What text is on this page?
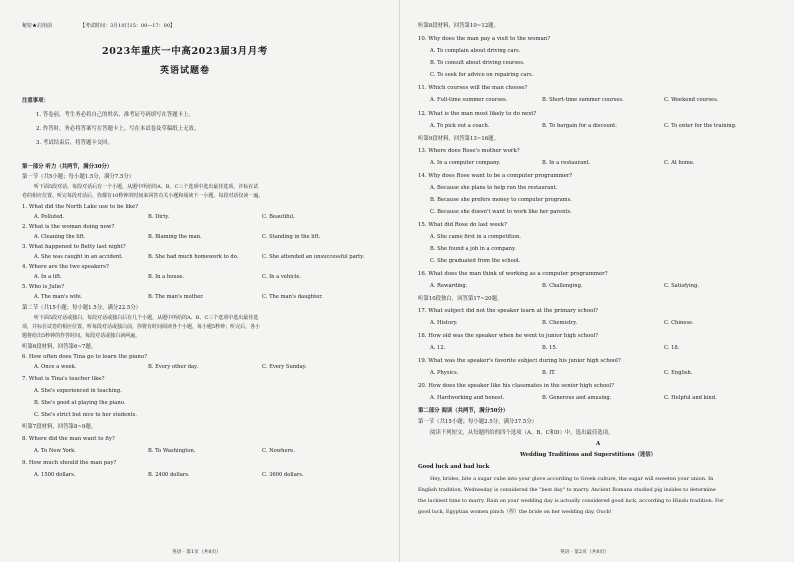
秘密★启用前	【考试时间：3月10日15：00—17：00】
2023年重庆一中高2023届3月月考
英语试题卷
注意事项：
1. 答卷前，考生务必将自己的姓名、准考证号码填写在答题卡上。
2. 作答时，务必将答案写在答题卡上。写在本试卷及草稿纸上无效。
3. 考试结束后，将答题卡交回。
第一部分 听力（共两节，满分30分）
第一节（共5小题；每小题1.5分，满分7.5分）
听下面5段对话。每段对话后有一个小题，从题中所给的A、B、C三个选项中选出最佳选项，并标在试
卷的相应位置。听完每段对话后，你都有10秒钟的时间来回答有关小题和阅读下一小题。每段对话仅读一遍。
1. What did the North Lake use to be like?
A. Polluted.	B. Dirty.	C. Beautiful.
2. What is the woman doing now?
A. Cleaning the lift.	B. Blaming the man.	C. Standing in the lift.
3. What happened to Betty last night?
A. She was caught in an accident.	B. She had much homework to do.	C. She attended an unsuccessful party.
4. Where are the two speakers?
A. In a lift.	B. In a house.	C. In a vehicle.
5. Who is Julie?
A. The man's wife.	B. The man's mother.	C. The man's daughter.
第二节（共15小题；每小题1.5分，满分22.5分）
听下面5段对话或独白。每段对话或独白后有几个小题，从题中所给的A、B、C三个选项中选出最佳选
项，并标在试卷的相应位置。听每段对话或独白前，你将有时间阅读各个小题，每小题5秒钟；听完后，各小
题将给出5秒钟的作答时间。每段对话或独白读两遍。
听第6段材料，回答第6~7题。
6. How often does Tina go to learn the piano?
A. Once a week.	B. Every other day.	C. Every Sunday.
7. What is Tina's teacher like?
A. She's experienced in teaching.
B. She's good at playing the piano.
C. She's strict but nice to her students.
听第7段材料，回答第8~9题。
8. Where did the man want to fly?
A. To New York.	B. To Washington.	C. Nowhere.
9. How much should the man pay?
A. 1500 dollars.	B. 2400 dollars.	C. 3600 dollars.
英语 · 第1页（共8页）
听第8段材料，回答第10~12题。
10. Why does the man pay a visit to the woman?
A. To complain about driving cars.
B. To consult about driving courses.
C. To seek for advice on repairing cars.
11. Which courses will the man choose?
A. Full-time summer courses.	B. Short-time summer courses.	C. Weekend courses.
12. What is the man most likely to do next?
A. To pick out a coach.	B. To bargain for a discount.	C. To enter for the training.
听第9段材料，回答第13~16题。
13. Where does Rose's mother work?
A. In a computer company.	B. In a restaurant.	C. At home.
14. Why does Rose want to be a computer programmer?
A. Because she plans to help run the restaurant.
B. Because she prefers money to computer programs.
C. Because she doesn't want to work like her parents.
15. What did Rose do last week?
A. She came first in a competition.
B. She found a job in a company.
C. She graduated from the school.
16. What does the man think of working as a computer programmer?
A. Rewarding.	B. Challenging.	C. Satisfying.
听第10段独白，回答第17~20题。
17. What subject did not the speaker learn at the primary school?
A. History.	B. Chemistry.	C. Chinese.
18. How old was the speaker when he went to junior high school?
A. 12.	B. 15.	C. 18.
19. What was the speaker's favorite subject during his junior high school?
A. Physics.	B. IT.	C. English.
20. How does the speaker like his classmates in the senior high school?
A. Hardworking and honest.	B. Generous and amusing.	C. Helpful and kind.
第二部分 阅读（共两节，满分50分）
第一节（共15小题；每小题2.5分，满分37.5分）
阅读下列短文，从每题所给的四个选项（A、B、C和D）中，选出最佳选项。
A
Wedding Traditions and Superstitions（迷信）
Good luck and bad luck
Hey, brides, bite a sugar cube into your glove according to Greek culture, the sugar will sweeten your union. In
English tradition, Wednesday is considered the "best day" to marry. Ancient Romans studied pig insides to determine
the luckiest time to marry. Rain on your wedding day is actually considered good luck, according to Hindu tradition. For
good luck, Egyptian women pinch（捏）the bride on her wedding day. Ouch!
英语 · 第2页（共8页）
